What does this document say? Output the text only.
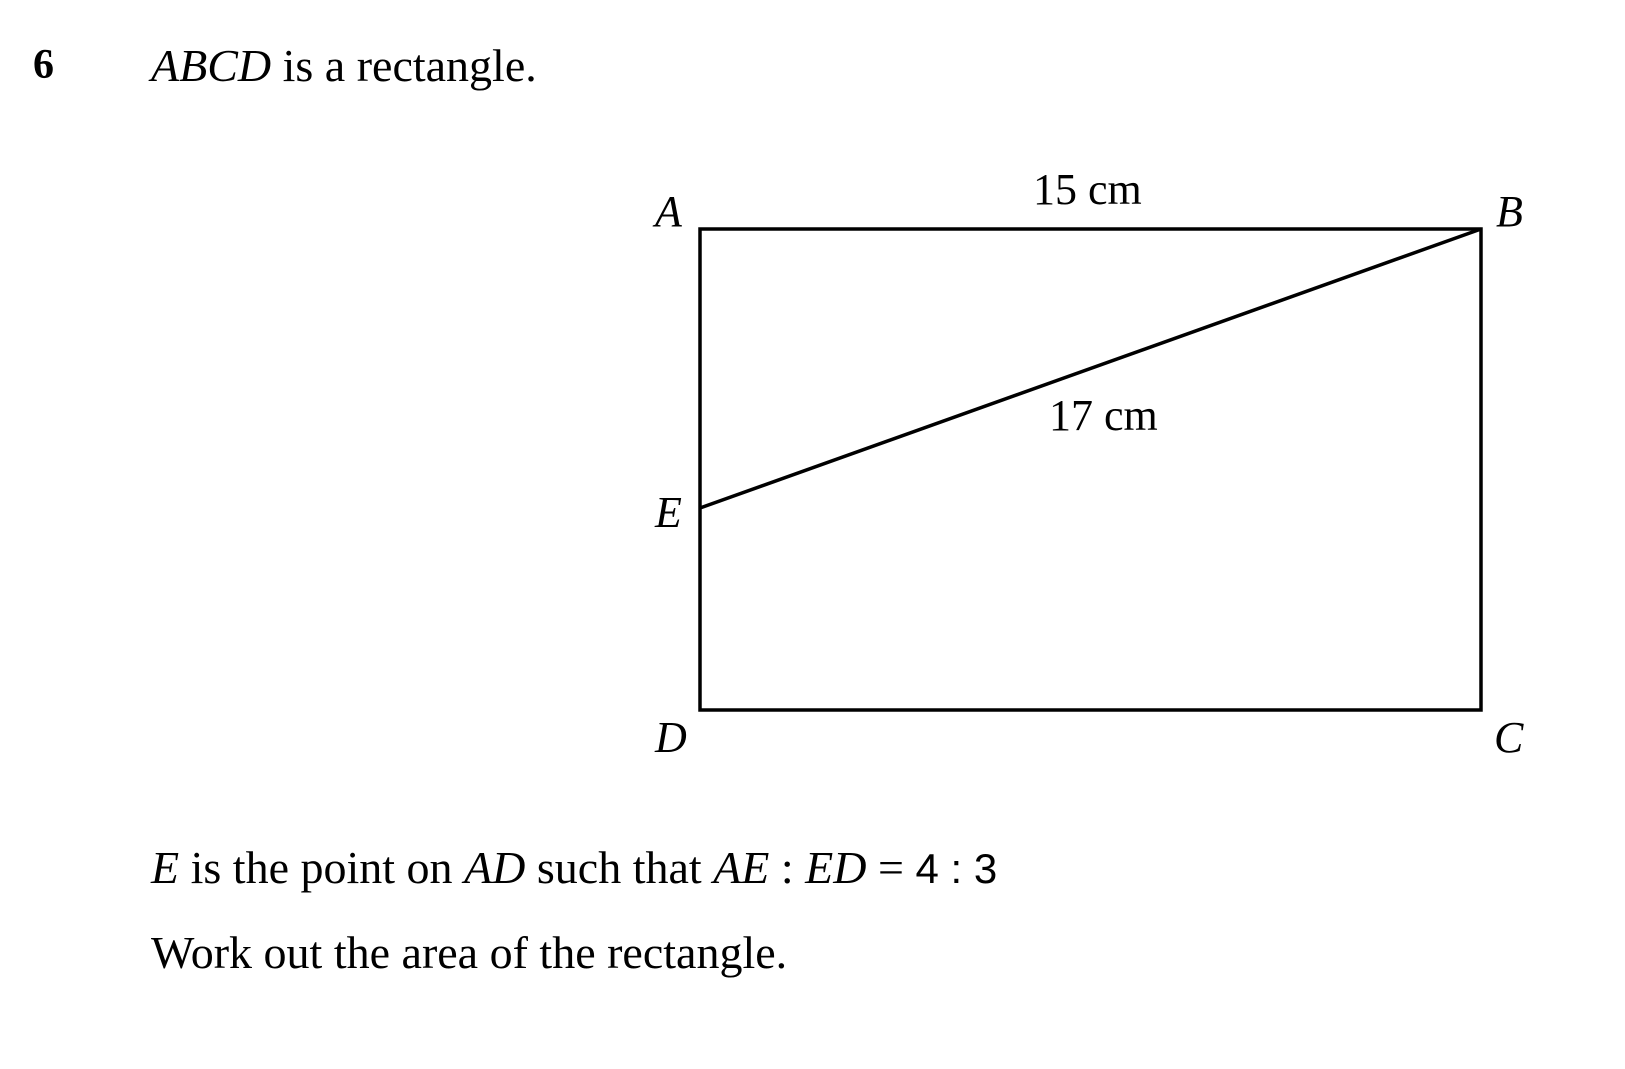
6 ABCD is a rectangle.
A	B
C
D
E
15 cm
17 cm
E is the point on AD such that AE : ED = 4 : 3
Work out the area of the rectangle.
